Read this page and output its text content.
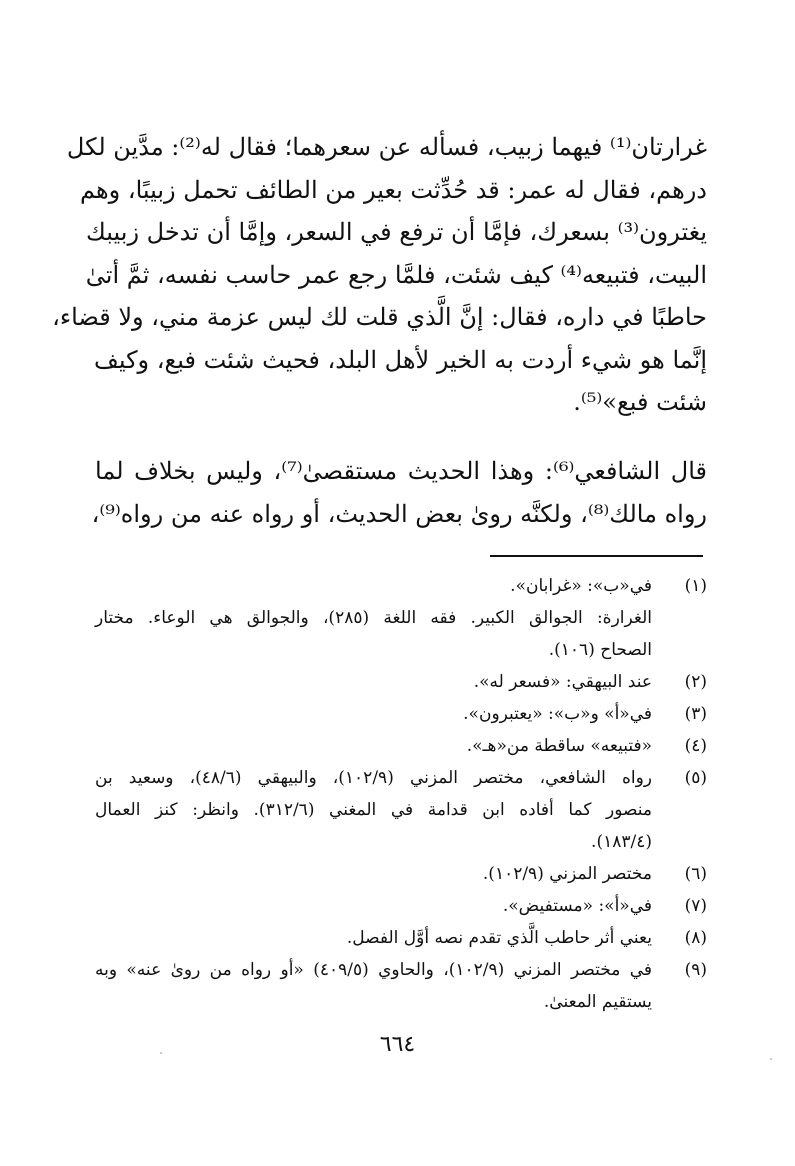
غرارتان⁽¹⁾ فيهما زبيب، فسأله عن سعرهما؛ فقال له⁽²⁾: مدَّين لكل
درهم، فقال له عمر: قد حُدِّثت بعير من الطائف تحمل زبيبًا، وهم
يغترون⁽³⁾ بسعرك، فإمَّا أن ترفع في السعر، وإمَّا أن تدخل زبيبك
البيت، فتبيعه⁽⁴⁾ كيف شئت، فلمَّا رجع عمر حاسب نفسه، ثمَّ أتىٰ
حاطبًا في داره، فقال: إنَّ الَّذي قلت لك ليس عزمة مني، ولا قضاء،
إنَّما هو شيء أردت به الخير لأهل البلد، فحيث شئت فبع، وكيف
شئت فبع»⁽⁵⁾.
قال الشافعي⁽⁶⁾: وهذا الحديث مستقصىٰ⁽⁷⁾، وليس بخلاف لما
رواه مالك⁽⁸⁾، ولكنَّه روىٰ بعض الحديث، أو رواه عنه من رواه⁽⁹⁾،
(١)
في«ب»: «غرابان».
الغرارة: الجوالق الكبير. فقه اللغة (٢٨٥)، والجوالق هي الوعاء. مختار
الصحاح (١٠٦).
(٢)
عند البيهقي: «فسعر له».
(٣)
في«أ» و«ب»: «يعتبرون».
(٤)
«فتبيعه» ساقطة من«هـ».
(٥)
رواه الشافعي، مختصر المزني (١٠٢/٩)، والبيهقي (٤٨/٦)، وسعيد بن
منصور كما أفاده ابن قدامة في المغني (٣١٢/٦). وانظر: كنز العمال
(١٨٣/٤).
(٦)
مختصر المزني (١٠٢/٩).
(٧)
في«أ»: «مستفيض».
(٨)
يعني أثر حاطب الَّذي تقدم نصه أوَّل الفصل.
(٩)
في مختصر المزني (١٠٢/٩)، والحاوي (٤٠٩/٥) «أو رواه من روىٰ عنه» وبه
يستقيم المعنىٰ.
٦٦٤
